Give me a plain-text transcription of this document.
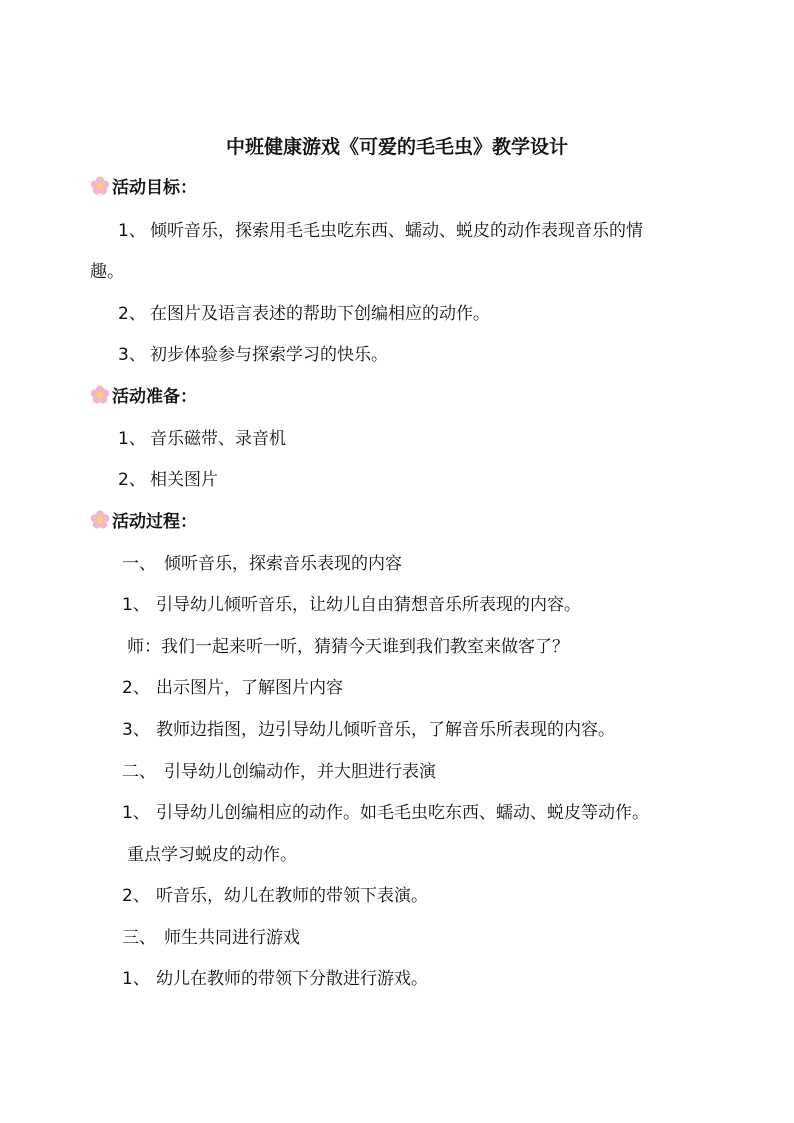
中班健康游戏《可爱的毛毛虫》教学设计
活动目标：
1、 倾听音乐，探索用毛毛虫吃东西、蠕动、蜕皮的动作表现音乐的情
趣。
2、 在图片及语言表述的帮助下创编相应的动作。
3、 初步体验参与探索学习的快乐。
活动准备：
1、 音乐磁带、录音机
2、 相关图片
活动过程：
一、 倾听音乐，探索音乐表现的内容
1、 引导幼儿倾听音乐，让幼儿自由猜想音乐所表现的内容。
师：我们一起来听一听，猜猜今天谁到我们教室来做客了？
2、 出示图片，了解图片内容
3、 教师边指图，边引导幼儿倾听音乐，了解音乐所表现的内容。
二、 引导幼儿创编动作，并大胆进行表演
1、 引导幼儿创编相应的动作。如毛毛虫吃东西、蠕动、蜕皮等动作。
重点学习蜕皮的动作。
2、 听音乐，幼儿在教师的带领下表演。
三、 师生共同进行游戏
1、 幼儿在教师的带领下分散进行游戏。
